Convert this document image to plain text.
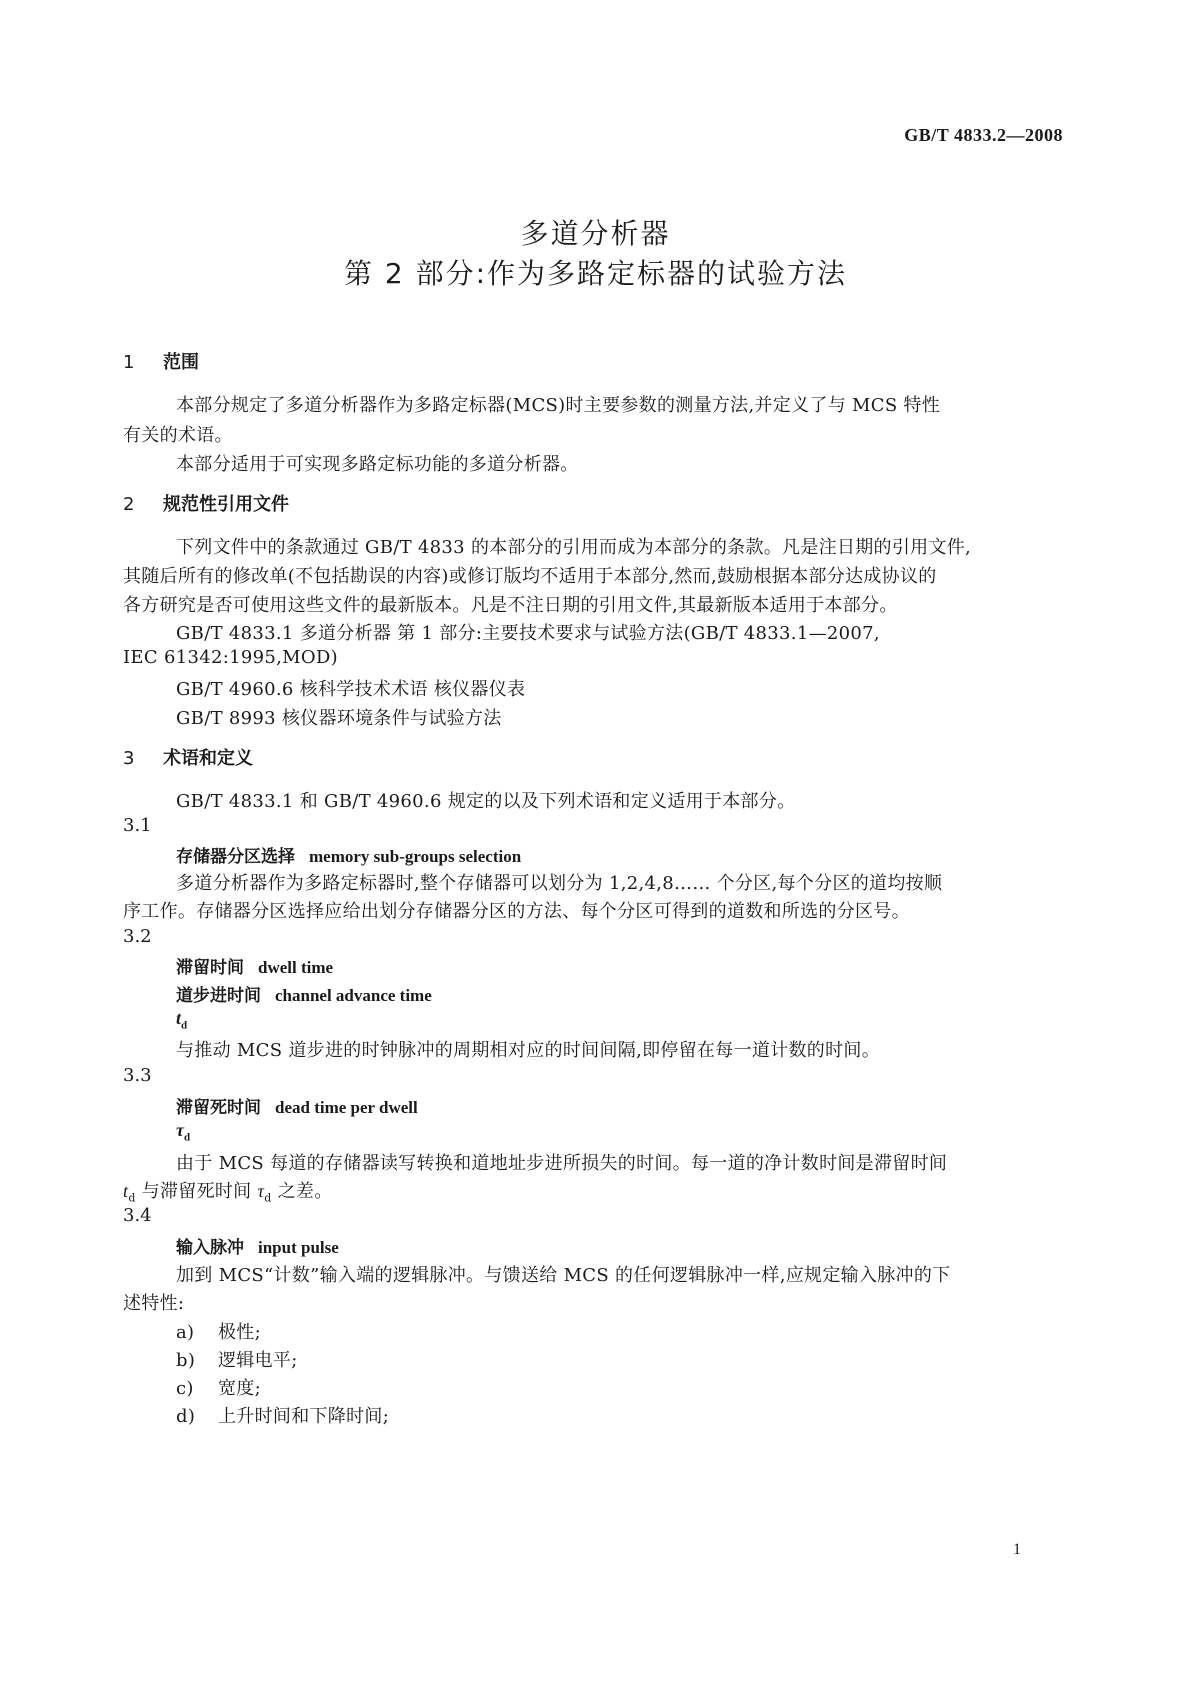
GB/T 4833.2—2008
多道分析器
第 2 部分:作为多路定标器的试验方法
1 范围
本部分规定了多道分析器作为多路定标器(MCS)时主要参数的测量方法,并定义了与 MCS 特性
有关的术语。
本部分适用于可实现多路定标功能的多道分析器。
2 规范性引用文件
下列文件中的条款通过 GB/T 4833 的本部分的引用而成为本部分的条款。凡是注日期的引用文件,
其随后所有的修改单(不包括勘误的内容)或修订版均不适用于本部分,然而,鼓励根据本部分达成协议的
各方研究是否可使用这些文件的最新版本。凡是不注日期的引用文件,其最新版本适用于本部分。
GB/T 4833.1 多道分析器 第 1 部分:主要技术要求与试验方法(GB/T 4833.1—2007,
IEC 61342:1995,MOD)
GB/T 4960.6 核科学技术术语 核仪器仪表
GB/T 8993 核仪器环境条件与试验方法
3 术语和定义
GB/T 4833.1 和 GB/T 4960.6 规定的以及下列术语和定义适用于本部分。
3.1
存储器分区选择 memory sub-groups selection
多道分析器作为多路定标器时,整个存储器可以划分为 1,2,4,8…… 个分区,每个分区的道均按顺
序工作。存储器分区选择应给出划分存储器分区的方法、每个分区可得到的道数和所选的分区号。
3.2
滞留时间 dwell time
道步进时间 channel advance time
$t_d$
与推动 MCS 道步进的时钟脉冲的周期相对应的时间间隔,即停留在每一道计数的时间。
3.3
滞留死时间 dead time per dwell
$\tau_d$
由于 MCS 每道的存储器读写转换和道地址步进所损失的时间。每一道的净计数时间是滞留时间
$t_d$ 与滞留死时间 $\tau_d$ 之差。
3.4
输入脉冲 input pulse
加到 MCS“计数”输入端的逻辑脉冲。与馈送给 MCS 的任何逻辑脉冲一样,应规定输入脉冲的下
述特性:
a) 极性;
b) 逻辑电平;
c) 宽度;
d) 上升时间和下降时间;
1
